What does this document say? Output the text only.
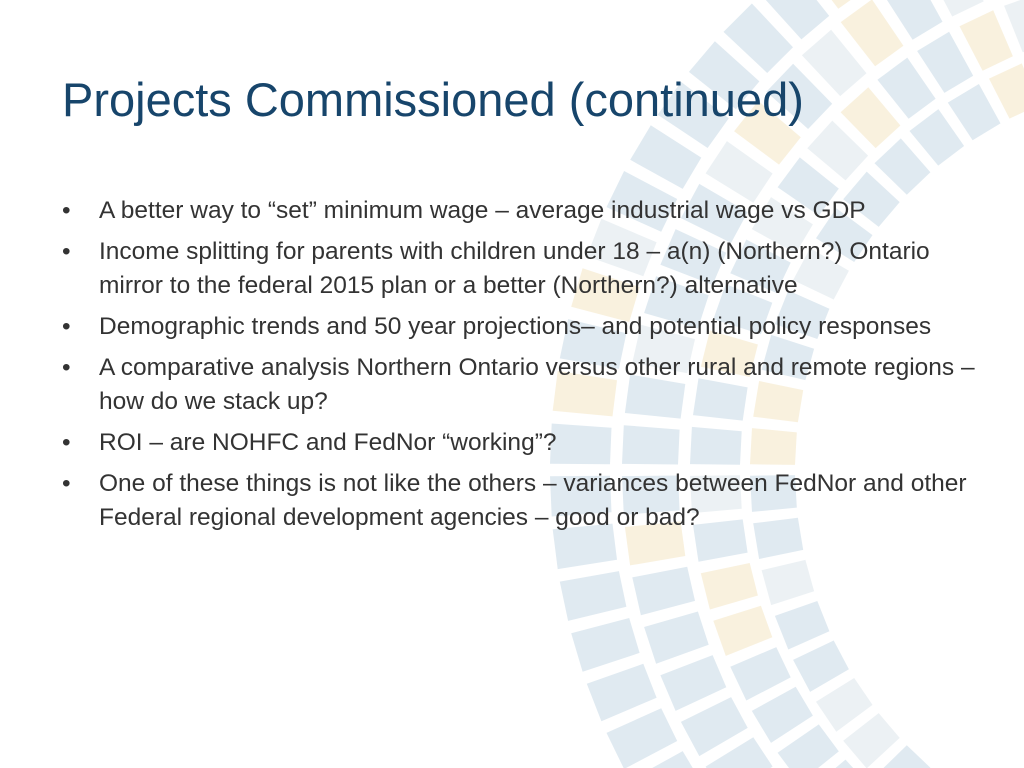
Projects Commissioned (continued)
•	A better way to “set” minimum wage – average industrial wage vs GDP
•	Income splitting for parents with children under 18 – a(n) (Northern?) Ontario mirror to the federal 2015 plan or a better (Northern?) alternative
•	Demographic trends and 50 year projections– and potential policy responses
•	A comparative analysis Northern Ontario versus other rural and remote regions – how do we stack up?
•	ROI – are NOHFC and FedNor “working”?
•	One of these things is not like the others – variances between FedNor and other Federal regional development agencies – good or bad?
